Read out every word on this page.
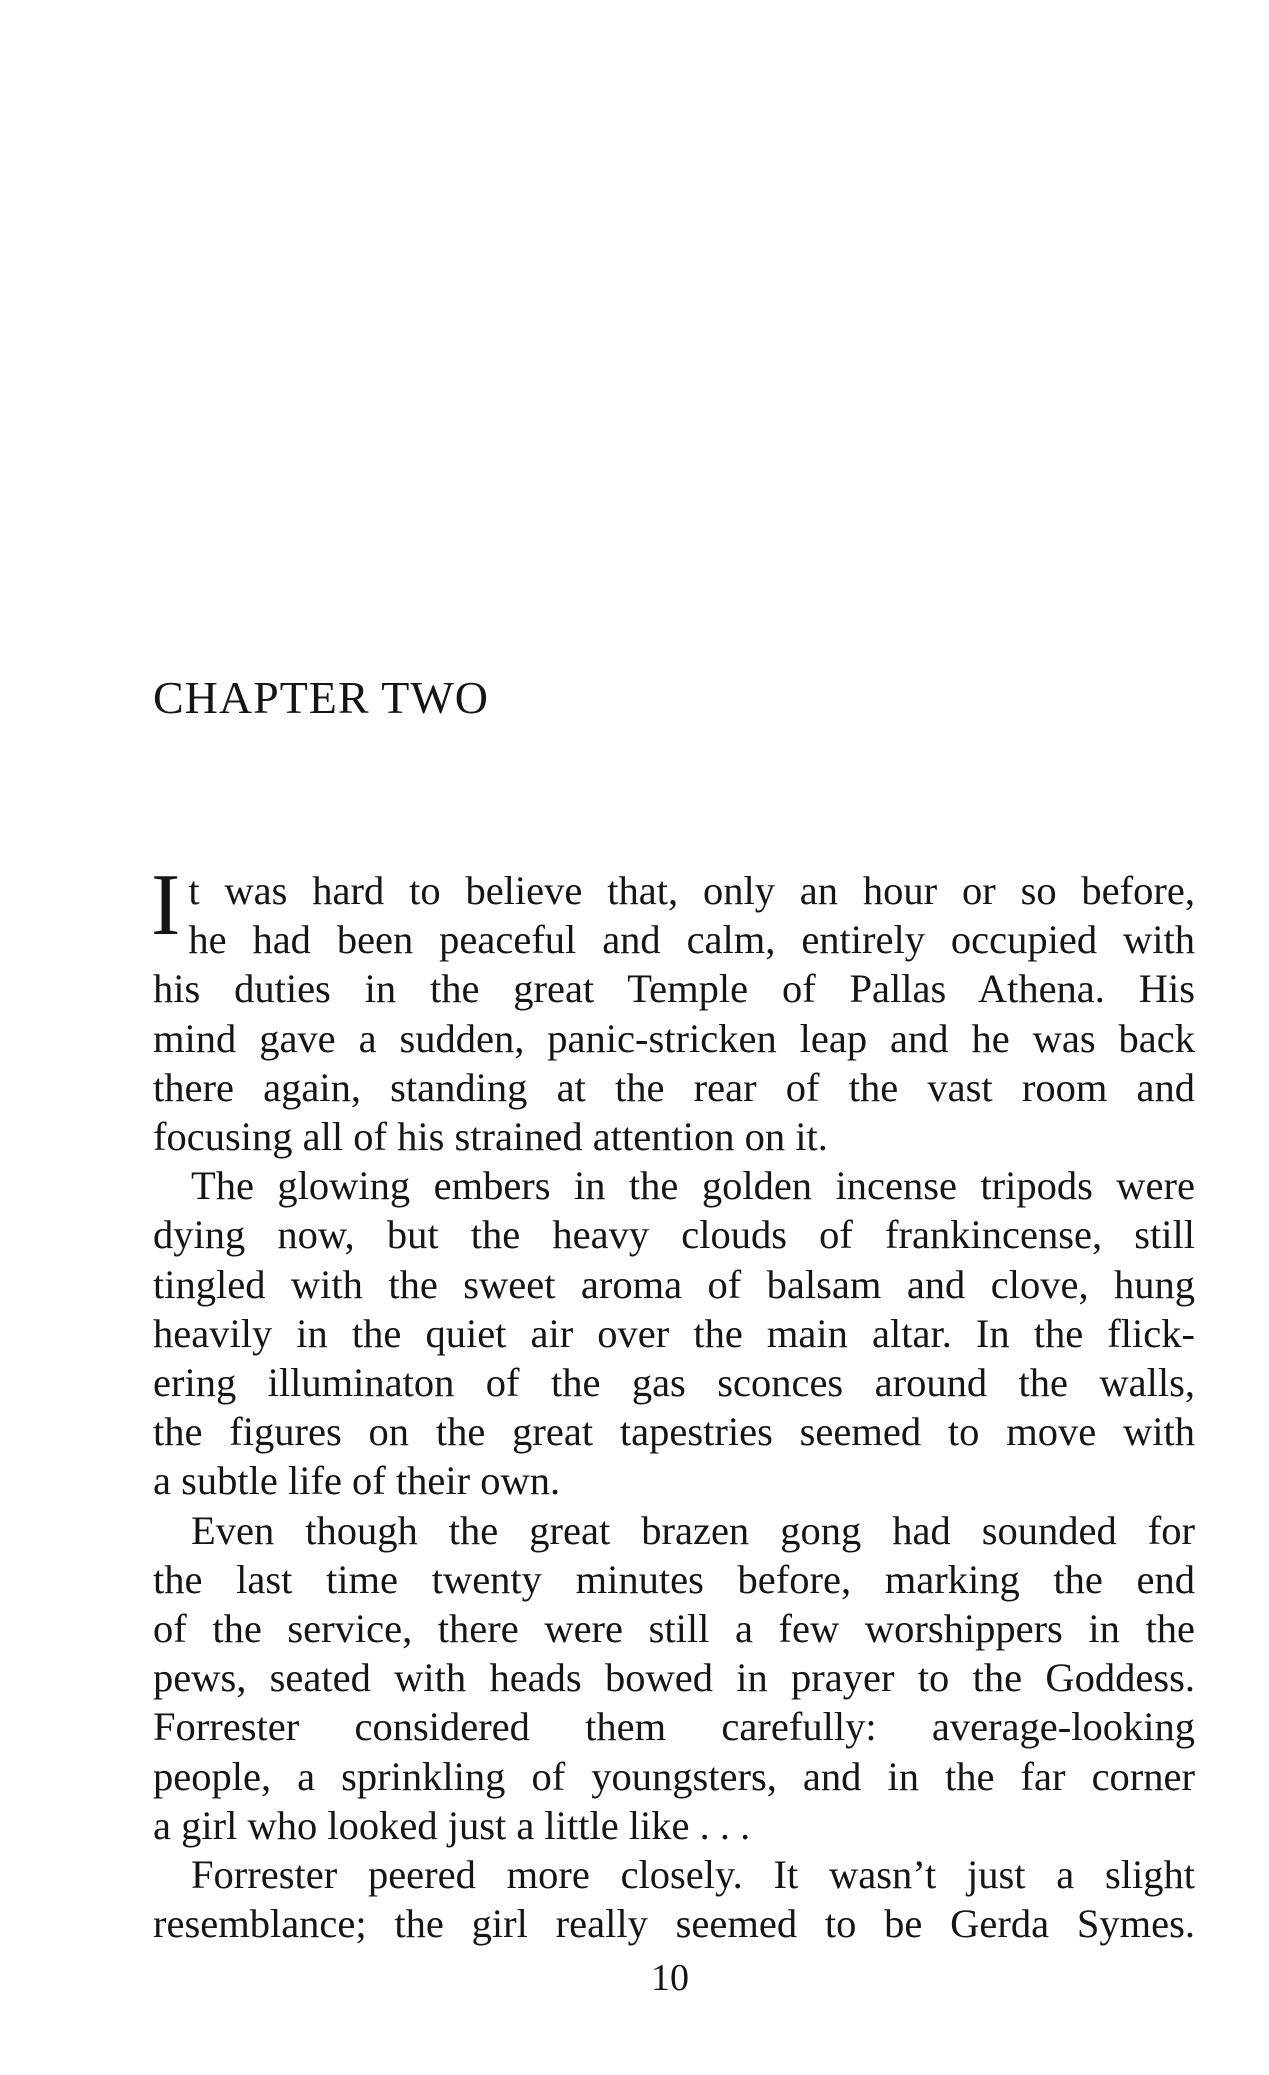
CHAPTER TWO

I t was hard to believe that, only an hour or so before,
he had been peaceful and calm, entirely occupied with
his duties in the great Temple of Pallas Athena. His
mind gave a sudden, panic-stricken leap and he was back
there again, standing at the rear of the vast room and
focusing all of his strained attention on it.

The glowing embers in the golden incense tripods were
dying now, but the heavy clouds of frankincense, still
tingled with the sweet aroma of balsam and clove, hung
heavily in the quiet air over the main altar. In the flick-
ering illuminaton of the gas sconces around the walls,
the figures on the great tapestries seemed to move with
a subtle life of their own.

Even though the great brazen gong had sounded for
the last time twenty minutes before, marking the end
of the service, there were still a few worshippers in the
pews, seated with heads bowed in prayer to the Goddess.
Forrester considered them carefully: average-looking
people, a sprinkling of youngsters, and in the far corner
a girl who looked just a little like . . .

Forrester peered more closely. It wasn’t just a slight
resemblance; the girl really seemed to be Gerda Symes.

10
